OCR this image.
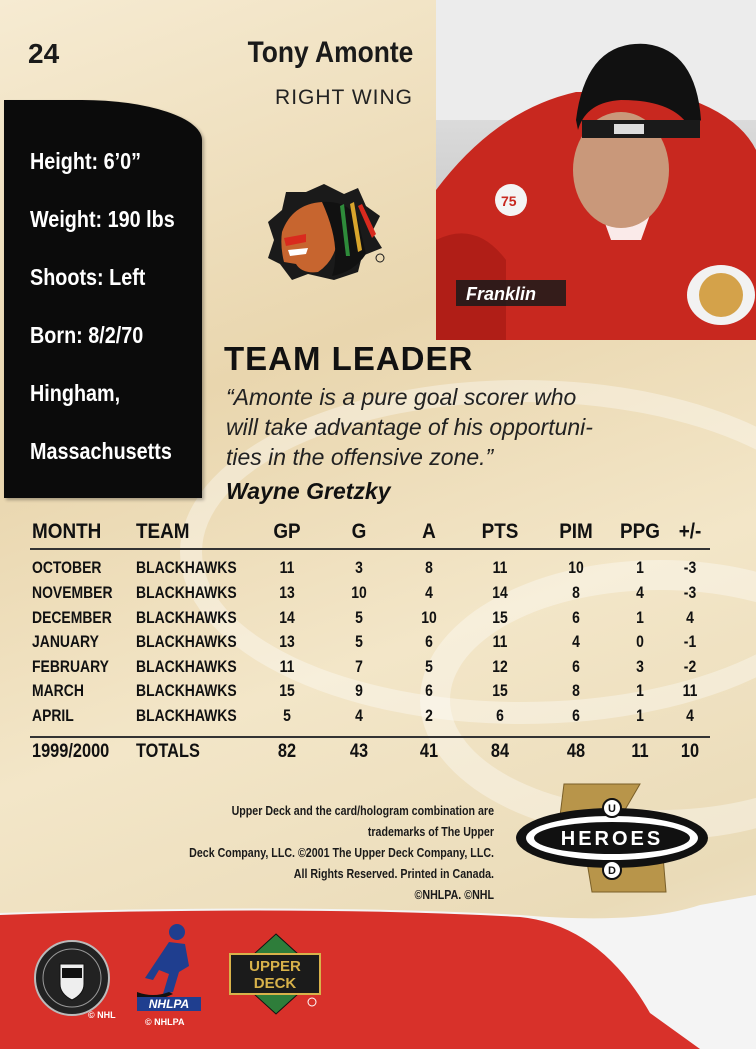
24	Tony Amonte
RIGHT WING
Height: 6’0”
Weight: 190 lbs
Shoots: Left
Born: 8/2/70
Hingham,
Massachusetts
Franklin
75
TEAM LEADER
“Amonte is a pure goal scorer who
will take advantage of his opportuni-
ties in the offensive zone.”
Wayne Gretzky
MONTH TEAM	GP	G	A	PTS	PIM	PPG +/-
OCTOBER BLACKHAWKS	11	3	8	11	10	1	-3
NOVEMBER BLACKHAWKS	13	10	4	14	8	4	-3
DECEMBER BLACKHAWKS	14	5	10	15	6	1	4
JANUARY BLACKHAWKS	13	5	6	11	4	0	-1
FEBRUARY BLACKHAWKS	11	7	5	12	6	3	-2
MARCH	BLACKHAWKS	15	9	6	15	8	1	11
APRIL	BLACKHAWKS	5	4	2	6	6	1	4
1999/2000 TOTALS	82	43	41	84	48	11	10
Upper Deck and the card/hologram combination are trademarks of The Upper
Deck Company, LLC. ©2001 The Upper Deck Company, LLC.
All Rights Reserved. Printed in Canada.
©NHLPA. ©NHL
U
D
HEROES
© NHL
NHLPA
© NHLPA
UPPER
DECK
